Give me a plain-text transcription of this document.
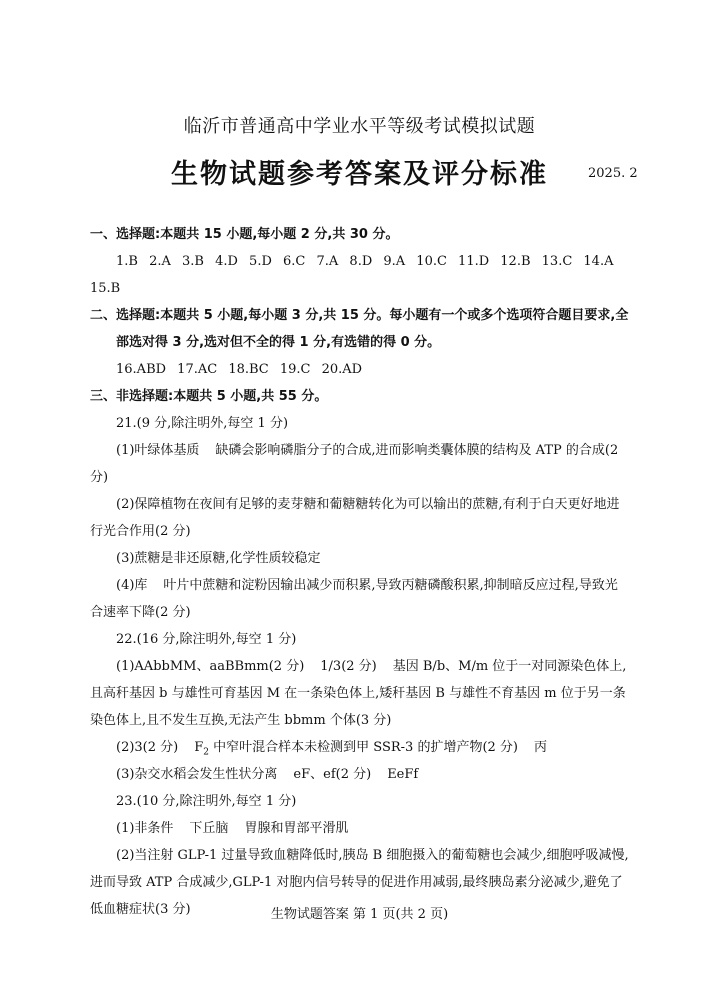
临沂市普通高中学业水平等级考试模拟试题
生物试题参考答案及评分标准	2025. 2

一、选择题:本题共 15 小题,每小题 2 分,共 30 分。

1.B 2.A 3.B 4.D 5.D 6.C 7.A 8.D 9.A 10.C 11.D 12.B 13.C 14.A

15.B

二、选择题:本题共 5 小题,每小题 3 分,共 15 分。每小题有一个或多个选项符合题目要求,全部选对得 3 分,选对但不全的得 1 分,有选错的得 0 分。

16.ABD 17.AC 18.BC 19.C 20.AD

三、非选择题:本题共 5 小题,共 55 分。

21.(9 分,除注明外,每空 1 分)

(1)叶绿体基质 缺磷会影响磷脂分子的合成,进而影响类囊体膜的结构及 ATP 的合成(2 分)

(2)保障植物在夜间有足够的麦芽糖和葡糖糖转化为可以输出的蔗糖,有利于白天更好地进行光合作用(2 分)

(3)蔗糖是非还原糖,化学性质较稳定

(4)库 叶片中蔗糖和淀粉因输出减少而积累,导致丙糖磷酸积累,抑制暗反应过程,导致光合速率下降(2 分)

22.(16 分,除注明外,每空 1 分)

(1)AAbbMM、aaBBmm(2 分) 1/3(2 分) 基因 B/b、M/m 位于一对同源染色体上,且高秆基因 b 与雄性可育基因 M 在一条染色体上,矮秆基因 B 与雄性不育基因 m 位于另一条染色体上,且不发生互换,无法产生 bbmm 个体(3 分)

(2)3(2 分) $F_2$ 中窄叶混合样本未检测到甲 SSR-3 的扩增产物(2 分) 丙

(3)杂交水稻会发生性状分离 eF、ef(2 分) EeFf

23.(10 分,除注明外,每空 1 分)

(1)非条件 下丘脑 胃腺和胃部平滑肌

(2)当注射 GLP-1 过量导致血糖降低时,胰岛 B 细胞摄入的葡萄糖也会减少,细胞呼吸减慢,进而导致 ATP 合成减少,GLP-1 对胞内信号转导的促进作用减弱,最终胰岛素分泌减少,避免了低血糖症状(3 分)	生物试题答案 第 1 页(共 2 页)
